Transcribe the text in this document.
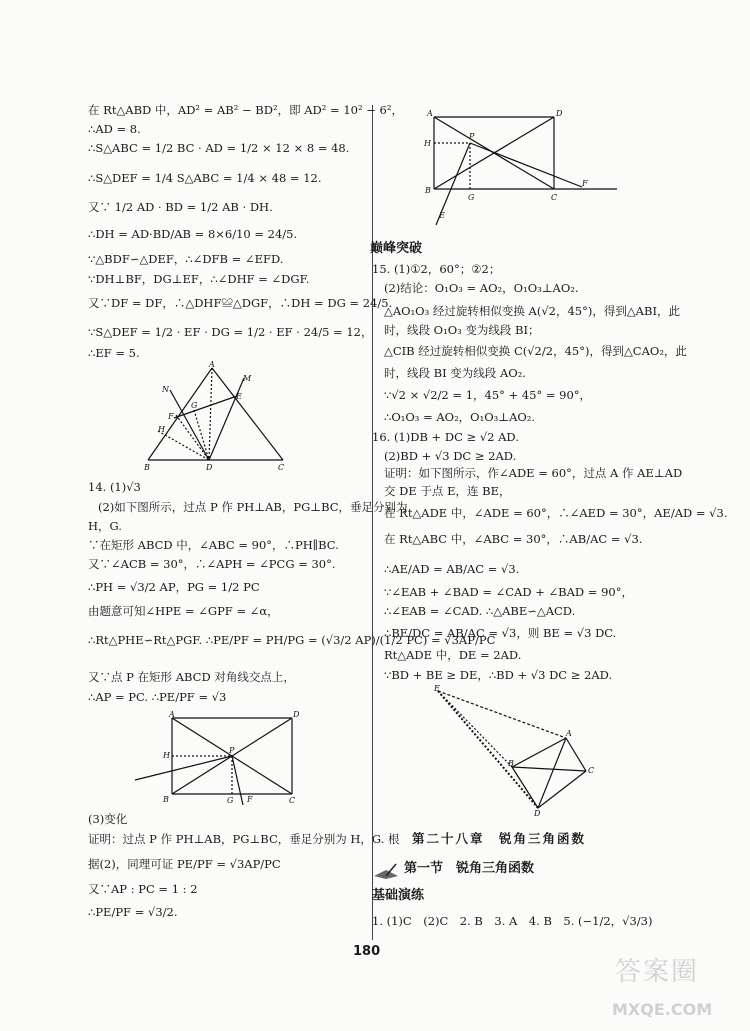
在 Rt△ABD 中，AD² = AB² − BD²，即 AD² = 10² − 6²，
∴AD = 8.
∴S△ABC = 1/2 BC · AD = 1/2 × 12 × 8 = 48.
∴S△DEF = 1/4 S△ABC = 1/4 × 48 = 12.
又∵ 1/2 AD · BD = 1/2 AB · DH.
∴DH = AD·BD/AB = 8×6/10 = 24/5.
∵△BDF∽△DEF，∴∠DFB = ∠EFD.
∵DH⊥BF，DG⊥EF，∴∠DHF = ∠DGF.
又∵DF = DF，∴△DHF≌△DGF，∴DH = DG = 24/5.
∵S△DEF = 1/2 · EF · DG = 1/2 · EF · 24/5 = 12，
∴EF = 5.
A
N
M
F
G
E
H
B	D	C
14. (1)√3
(2)如下图所示，过点 P 作 PH⊥AB，PG⊥BC，垂足分别为
H，G.
∵在矩形 ABCD 中，∠ABC = 90°，∴PH∥BC.
又∵∠ACB = 30°，∴∠APH = ∠PCG = 30°.
∴PH = √3/2 AP，PG = 1/2 PC
由题意可知∠HPE = ∠GPF = ∠α，
∴Rt△PHE∽Rt△PGF. ∴PE/PF = PH/PG = (√3/2 AP)/(1/2 PC) = √3AP/PC
又∵点 P 在矩形 ABCD 对角线交点上，
∴AP = PC. ∴PE/PF = √3
A	D
H
P
B	G F	C
(3)变化
证明：过点 P 作 PH⊥AB，PG⊥BC，垂足分别为 H，G. 根
据(2)，同理可证 PE/PF = √3AP/PC
又∵AP : PC = 1 : 2
∴PE/PF = √3/2.
A	D
H
P
B
G	C
F
E
巅峰突破
15. (1)①2，60°；②2；
(2)结论：O₁O₃ = AO₂，O₁O₃⊥AO₂.
△AO₁O₃ 经过旋转相似变换 A(√2，45°)，得到△ABI，此
时，线段 O₁O₃ 变为线段 BI；
△CIB 经过旋转相似变换 C(√2/2，45°)，得到△CAO₂，此
时，线段 BI 变为线段 AO₂.
∵√2 × √2/2 = 1，45° + 45° = 90°，
∴O₁O₃ = AO₂，O₁O₃⊥AO₂.
16. (1)DB + DC ≥ √2 AD.
(2)BD + √3 DC ≥ 2AD.
证明：如下图所示，作∠ADE = 60°，过点 A 作 AE⊥AD
交 DE 于点 E，连 BE，
在 Rt△ADE 中，∠ADE = 60°，∴∠AED = 30°，AE/AD = √3.
在 Rt△ABC 中，∠ABC = 30°，∴AB/AC = √3.
∴AE/AD = AB/AC = √3.
∵∠EAB + ∠BAD = ∠CAD + ∠BAD = 90°，
∴∠EAB = ∠CAD. ∴△ABE∽△ACD.
∴BE/DC = AB/AC = √3，则 BE = √3 DC.
Rt△ADE 中，DE = 2AD.
∵BD + BE ≥ DE，∴BD + √3 DC ≥ 2AD.
E
A
B
C
D
第二十八章　锐角三角函数
第一节　锐角三角函数
基础演练
1. (1)C　(2)C　2. B　3. A　4. B　5. (−1/2，√3/3)
180
答案圈
MXQE.COM
